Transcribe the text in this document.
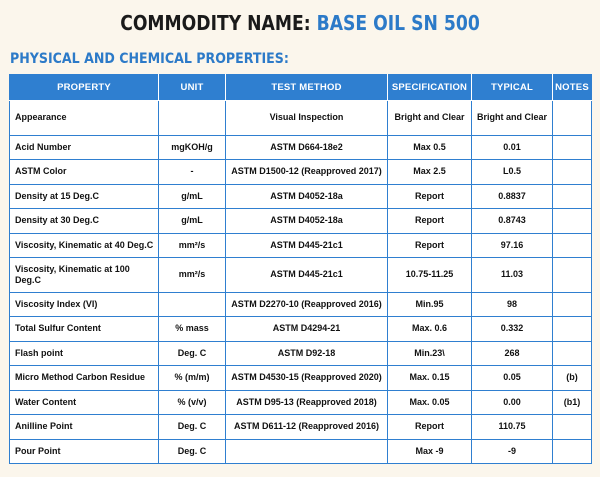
COMMODITY NAME: BASE OIL SN 500
PHYSICAL AND CHEMICAL PROPERTIES:
PROPERTY	UNIT	TEST METHOD	SPECIFICATION	TYPICAL	NOTES
Appearance		Visual Inspection	Bright and Clear	Bright and Clear	
Acid Number	mgKOH/g	ASTM D664-18e2	Max 0.5	0.01	
ASTM Color	-	ASTM D1500-12 (Reapproved 2017)	Max 2.5	L0.5	
Density at 15 Deg.C	g/mL	ASTM D4052-18a	Report	0.8837	
Density at 30 Deg.C	g/mL	ASTM D4052-18a	Report	0.8743	
Viscosity, Kinematic at 40 Deg.C	mm²/s	ASTM D445-21c1	Report	97.16	
Viscosity, Kinematic at 100 Deg.C	mm²/s	ASTM D445-21c1	10.75-11.25	11.03	
Viscosity Index (VI)		ASTM D2270-10 (Reapproved 2016)	Min.95	98	
Total Sulfur Content	% mass	ASTM D4294-21	Max. 0.6	0.332	
Flash point	Deg. C	ASTM D92-18	Min.23\	268	
Micro Method Carbon Residue	% (m/m)	ASTM D4530-15 (Reapproved 2020)	Max. 0.15	0.05	(b)
Water Content	% (v/v)	ASTM D95-13 (Reapproved 2018)	Max. 0.05	0.00	(b1)
Anilline Point	Deg. C	ASTM D611-12 (Reapproved 2016)	Report	110.75	
Pour Point	Deg. C		Max -9	-9	
